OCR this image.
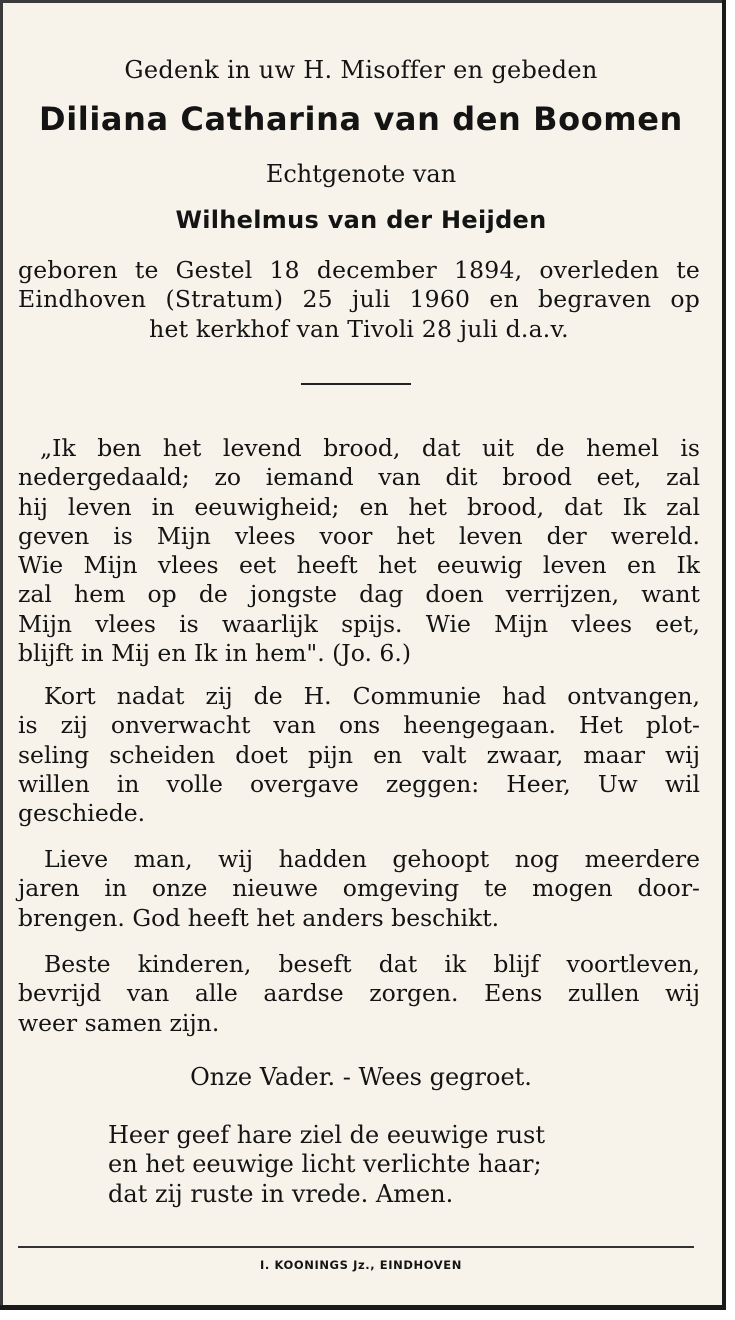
Gedenk in uw H. Misoffer en gebeden
Diliana Catharina van den Boomen
Echtgenote van
Wilhelmus van der Heijden
geboren te Gestel 18 december 1894, overleden te
Eindhoven (Stratum) 25 juli 1960 en begraven op
het kerkhof van Tivoli 28 juli d.a.v.
„Ik ben het levend brood, dat uit de hemel is
nedergedaald; zo iemand van dit brood eet, zal
hij leven in eeuwigheid; en het brood, dat Ik zal
geven is Mijn vlees voor het leven der wereld.
Wie Mijn vlees eet heeft het eeuwig leven en Ik
zal hem op de jongste dag doen verrijzen, want
Mijn vlees is waarlijk spijs. Wie Mijn vlees eet,
blijft in Mij en Ik in hem". (Jo. 6.)
Kort nadat zij de H. Communie had ontvangen,
is zij onverwacht van ons heengegaan. Het plot-
seling scheiden doet pijn en valt zwaar, maar wij
willen in volle overgave zeggen: Heer, Uw wil
geschiede.
Lieve man, wij hadden gehoopt nog meerdere
jaren in onze nieuwe omgeving te mogen door-
brengen. God heeft het anders beschikt.
Beste kinderen, beseft dat ik blijf voortleven,
bevrijd van alle aardse zorgen. Eens zullen wij
weer samen zijn.
Onze Vader. - Wees gegroet.
Heer geef hare ziel de eeuwige rust
en het eeuwige licht verlichte haar;
dat zij ruste in vrede. Amen.
I. KOONINGS Jz., EINDHOVEN
